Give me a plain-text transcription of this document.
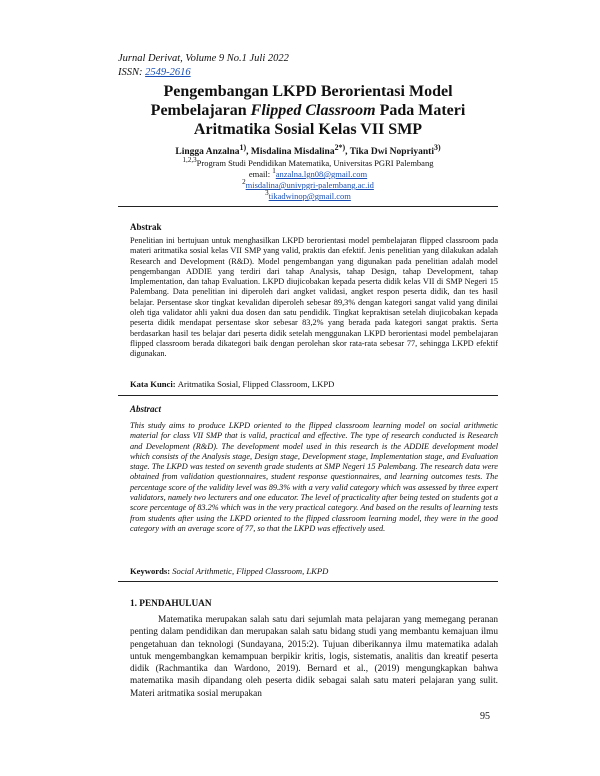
Jurnal Derivat, Volume 9 No.1 Juli 2022
ISSN: 2549-2616
Pengembangan LKPD Berorientasi Model
Pembelajaran Flipped Classroom Pada Materi
Aritmatika Sosial Kelas VII SMP
Lingga Anzalna$^{1)}$, Misdalina Misdalina$^{2*)}$, Tika Dwi Nopriyanti$^{3)}$
$^{1,2,3}$Program Studi Pendidikan Matematika, Universitas PGRI Palembang
email: $^1$anzalna.lgn08@gmail.com
$^2$misdalina@univpgri-palembang.ac.id
$^3$tikadwinop@gmail.com
Abstrak
Penelitian ini bertujuan untuk menghasilkan LKPD berorientasi model pembelajaran flipped classroom pada materi aritmatika sosial kelas VII SMP yang valid, praktis dan efektif. Jenis penelitian yang dilakukan adalah Research and Development (R&D). Model pengembangan yang digunakan pada penelitian adalah model pengembangan ADDIE yang terdiri dari tahap Analysis, tahap Design, tahap Development, tahap Implementation, dan tahap Evaluation. LKPD diujicobakan kepada peserta didik kelas VII di SMP Negeri 15 Palembang. Data penelitian ini diperoleh dari angket validasi, angket respon peserta didik, dan tes hasil belajar. Persentase skor tingkat kevalidan diperoleh sebesar 89,3% dengan kategori sangat valid yang dinilai oleh tiga validator ahli yakni dua dosen dan satu pendidik. Tingkat kepraktisan setelah diujicobakan kepada peserta didik mendapat persentase skor sebesar 83,2% yang berada pada kategori sangat praktis. Serta berdasarkan hasil tes belajar dari peserta didik setelah menggunakan LKPD berorientasi model pembelajaran flipped classroom berada dikategori baik dengan perolehan skor rata-rata sebesar 77, sehingga LKPD efektif digunakan.
Kata Kunci: Aritmatika Sosial, Flipped Classroom, LKPD
Abstract
This study aims to produce LKPD oriented to the flipped classroom learning model on social arithmetic material for class VII SMP that is valid, practical and effective. The type of research conducted is Research and Development (R&D). The development model used in this research is the ADDIE development model which consists of the Analysis stage, Design stage, Development stage, Implementation stage, and Evaluation stage. The LKPD was tested on seventh grade students at SMP Negeri 15 Palembang. The research data were obtained from validation questionnaires, student response questionnaires, and learning outcomes tests. The percentage score of the validity level was 89.3% with a very valid category which was assessed by three expert validators, namely two lecturers and one educator. The level of practicality after being tested on students got a score percentage of 83.2% which was in the very practical category. And based on the results of learning tests from students after using the LKPD oriented to the flipped classroom learning model, they were in the good category with an average score of 77, so that the LKPD was effectively used.
Keywords: Social Arithmetic, Flipped Classroom, LKPD
1. PENDAHULUAN
Matematika merupakan salah satu dari sejumlah mata pelajaran yang memegang peranan penting dalam pendidikan dan merupakan salah satu bidang studi yang membantu kemajuan ilmu pengetahuan dan teknologi (Sundayana, 2015:2). Tujuan diberikannya ilmu matematika adalah untuk mengembangkan kemampuan berpikir kritis, logis, sistematis, analitis dan kreatif peserta didik (Rachmantika dan Wardono, 2019). Bernard et al., (2019) mengungkapkan bahwa matematika masih dipandang oleh peserta didik sebagai salah satu materi pelajaran yang sulit. Materi aritmatika sosial merupakan
95
